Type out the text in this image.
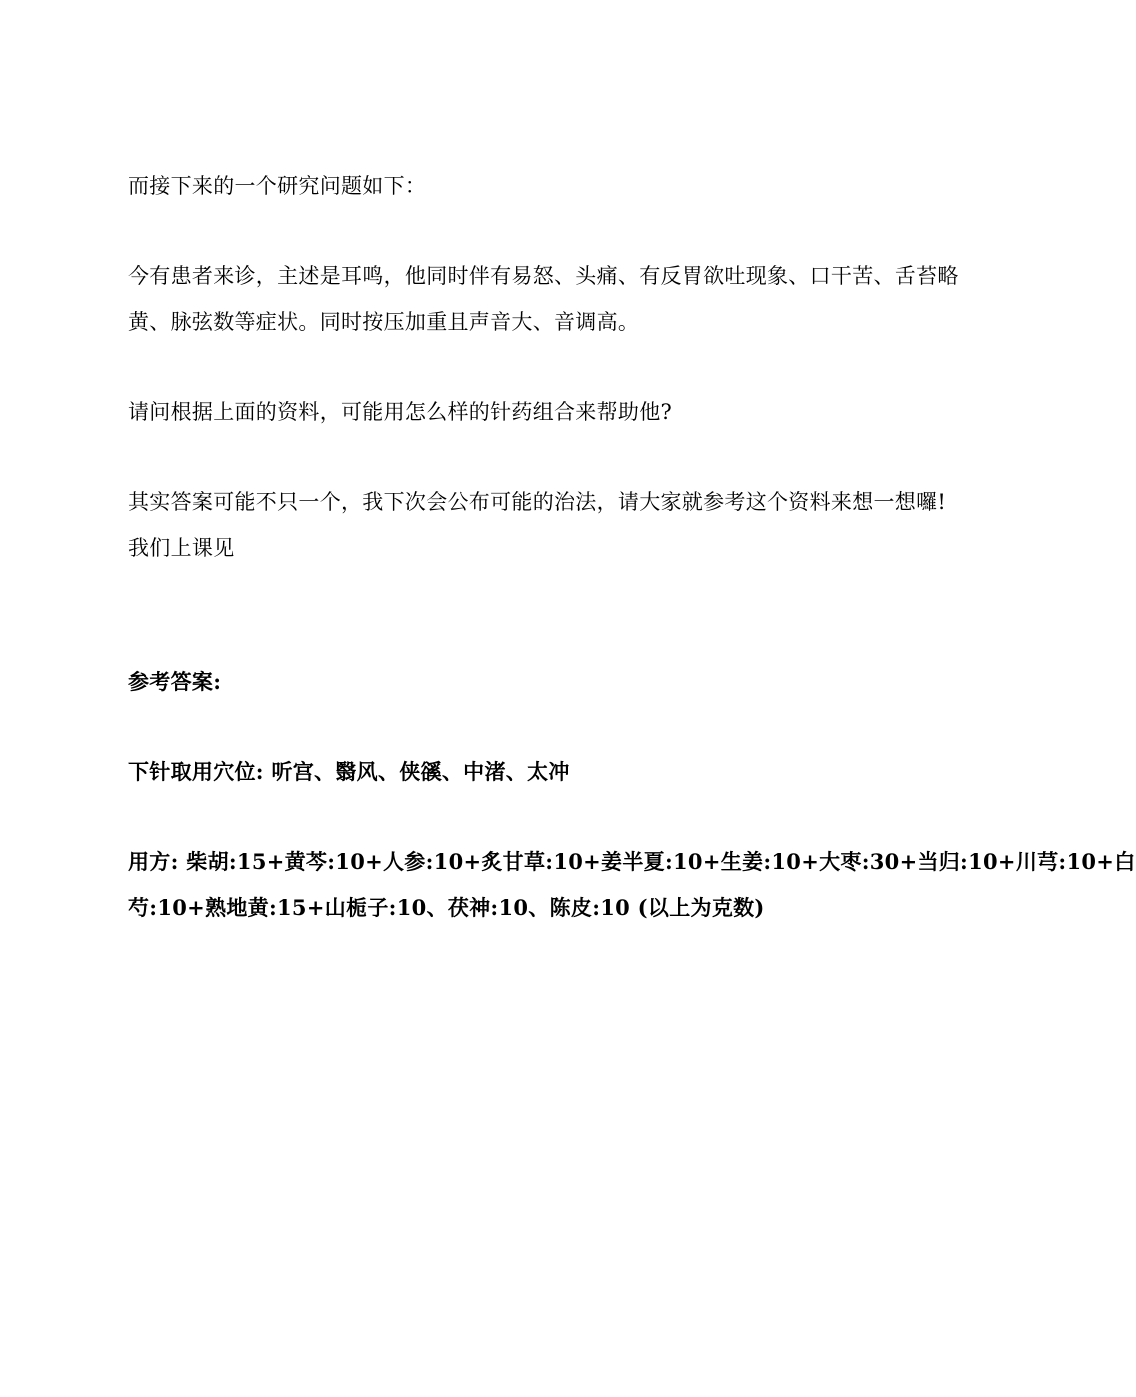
而接下来的一个研究问题如下：
今有患者来诊，主述是耳鸣，他同时伴有易怒、头痛、有反胃欲吐现象、口干苦、舌苔略
黄、脉弦数等症状。同时按压加重且声音大、音调高。
请问根据上面的资料，可能用怎么样的针药组合来帮助他?
其实答案可能不只一个，我下次会公布可能的治法，请大家就参考这个资料来想一想囉!
我们上课见
参考答案:
下针取用穴位: 听宫、翳风、侠豀、中渚、太冲
用方: 柴胡:15+黄芩:10+人参:10+炙甘草:10+姜半夏:10+生姜:10+大枣:30+当归:10+川芎:10+白
芍:10+熟地黄:15+山栀子:10、茯神:10、陈皮:10 (以上为克数)
